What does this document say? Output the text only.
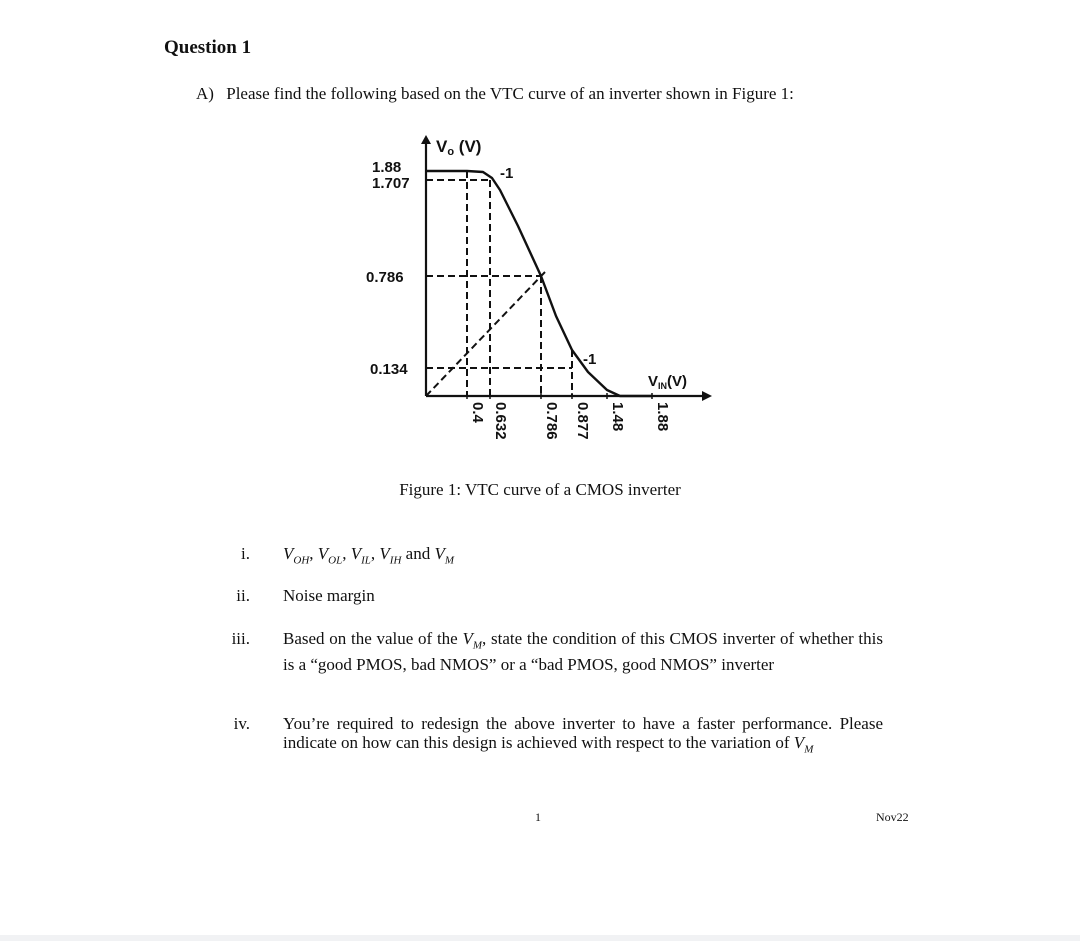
Question 1
A) Please find the following based on the VTC curve of an inverter shown in Figure 1:
Vo (V)
$V_{IN}(V)$
1.88
1.707
0.786
0.134
0.4 0.632 0.786 0.877 1.48 1.88
-1
-1
Figure 1: VTC curve of a CMOS inverter
i. $V_{OH}$, $V_{OL}$, $V_{IL}$, $V_{IH}$ and $V_M$
ii. Noise margin
iii. Based on the value of the $V_M$, state the condition of this CMOS inverter of whether this is a “good PMOS, bad NMOS” or a “bad PMOS, good NMOS” inverter
iv. You’re required to redesign the above inverter to have a faster performance. Please indicate on how can this design is achieved with respect to the variation of $V_M$
1	Nov22
